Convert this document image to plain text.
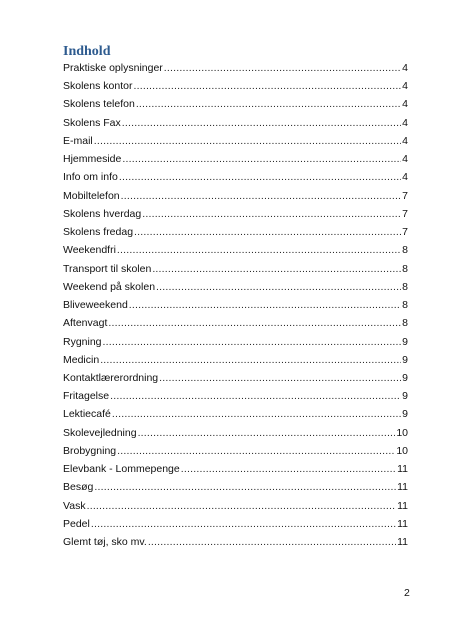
Indhold
Praktiske oplysninger .....	4
Skolens kontor .....	4
Skolens telefon .....	4
Skolens Fax .....	4
E-mail .....	4
Hjemmeside .....	4
Info om info .....	4
Mobiltelefon .....	7
Skolens hverdag .....	7
Skolens fredag .....	7
Weekendfri .....	8
Transport til skolen .....	8
Weekend på skolen .....	8
Bliveweekend .....	8
Aftenvagt .....	8
Rygning .....	9
Medicin .....	9
Kontaktlærerordning .....	9
Fritagelse .....	9
Lektiecafé .....	9
Skolevejledning .....	10
Brobygning .....	10
Elevbank - Lommepenge .....	11
Besøg .....	11
Vask .....	11
Pedel .....	11
Glemt tøj, sko mv. .....	11
2
